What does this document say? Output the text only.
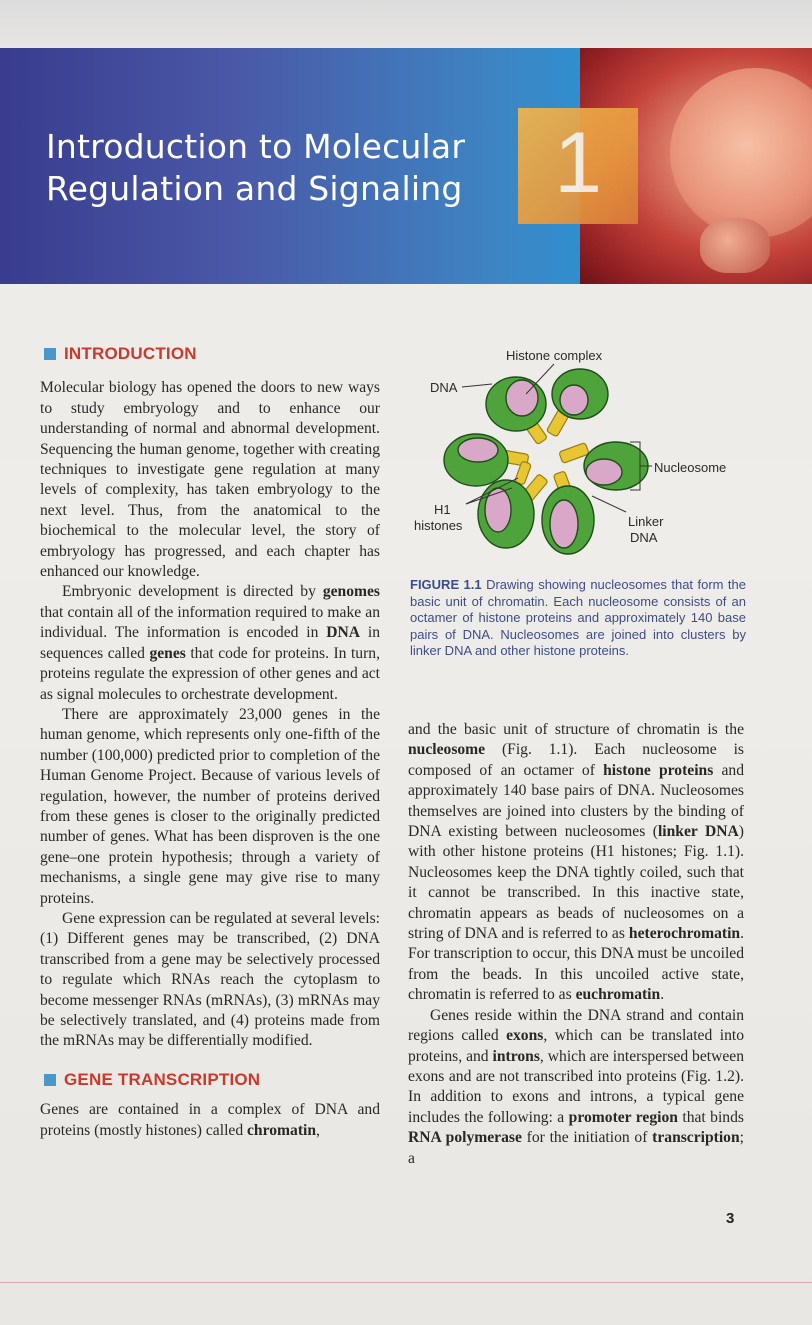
1
Introduction to Molecular
Regulation and Signaling
INTRODUCTION

Molecular biology has opened the doors to new ways to study embryology and to enhance our understanding of normal and abnormal development. Sequencing the human genome, together with creating techniques to investigate gene regulation at many levels of complexity, has taken embryology to the next level. Thus, from the anatomical to the biochemical to the molecular level, the story of embryology has progressed, and each chapter has enhanced our knowledge.

Embryonic development is directed by genomes that contain all of the information required to make an individual. The information is encoded in DNA in sequences called genes that code for proteins. In turn, proteins regulate the expression of other genes and act as signal molecules to orchestrate development.

There are approximately 23,000 genes in the human genome, which represents only one-fifth of the number (100,000) predicted prior to completion of the Human Genome Project. Because of various levels of regulation, however, the number of proteins derived from these genes is closer to the originally predicted number of genes. What has been disproven is the one gene–one protein hypothesis; through a variety of mechanisms, a single gene may give rise to many proteins.

Gene expression can be regulated at several levels: (1) Different genes may be transcribed, (2) DNA transcribed from a gene may be selectively processed to regulate which RNAs reach the cytoplasm to become messenger RNAs (mRNAs), (3) mRNAs may be selectively translated, and (4) proteins made from the mRNAs may be differentially modified.

GENE TRANSCRIPTION

Genes are contained in a complex of DNA and proteins (mostly histones) called chromatin,

Histone complex
DNA
Nucleosome
H1
histones	Linker
DNA
FIGURE 1.1 Drawing showing nucleosomes that form the basic unit of chromatin. Each nucleosome consists of an octamer of histone proteins and approximately 140 base pairs of DNA. Nucleosomes are joined into clusters by linker DNA and other histone proteins.

and the basic unit of structure of chromatin is the nucleosome (Fig. 1.1). Each nucleosome is composed of an octamer of histone proteins and approximately 140 base pairs of DNA. Nucleosomes themselves are joined into clusters by the binding of DNA existing between nucleosomes (linker DNA) with other histone proteins (H1 histones; Fig. 1.1). Nucleosomes keep the DNA tightly coiled, such that it cannot be transcribed. In this inactive state, chromatin appears as beads of nucleosomes on a string of DNA and is referred to as heterochromatin. For transcription to occur, this DNA must be uncoiled from the beads. In this uncoiled active state, chromatin is referred to as euchromatin.

Genes reside within the DNA strand and contain regions called exons, which can be translated into proteins, and introns, which are interspersed between exons and are not transcribed into proteins (Fig. 1.2). In addition to exons and introns, a typical gene includes the following: a promoter region that binds RNA polymerase for the initiation of transcription; a

3
